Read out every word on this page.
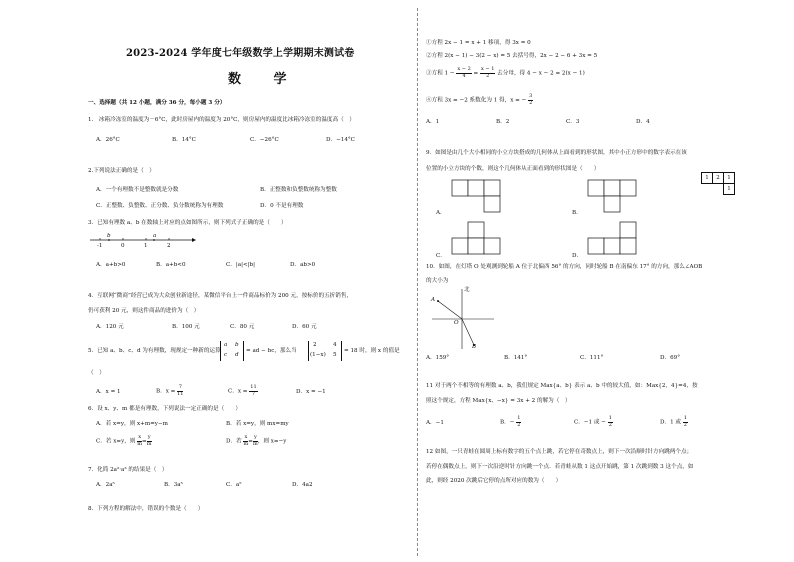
2023-2024 学年度七年级数学上学期期末测试卷
数 学
一、选择题（共 12 小题，满分 36 分，每小题 3 分）
1.　冰箱冷冻室的温度为－6°C，此时房屋内的温度为 20°C，则房屋内的温度比冰箱冷冻室的温度高（　）
A．26°C	B．14°C	C．−26°C	D．−14°C
2.下列说法正确的是（　）
A．一个有理数不是整数就是分数	B．正整数和负整数统称为整数
C．正整数、负整数、正分数、负分数统称为有理数	D．0 不是有理数
3．已知有理数 a、b 在数轴上对应的点如图所示，则下列式子正确的是（　　）
b	a
-1	0	1	2
A．a+b>0	B．a+b<0	C．|a|<|b|	D．ab>0
4．互联网“微商”经营已成为大众创业新途径，某微信平台上一件商品标价为 200 元，按标价的五折销售，
仍可获利 20 元，则这件商品的进价为（　）
A．120 元	B．100 元	C．80 元	D．60 元
5．已知 a、b、c、d 为有理数，现规定一种新的运算
a b
c d
= ad − bc，那么当
2	4
(1−x) 5
= 18 时，则 x 的值是
（　）
A．x = 1	B．$x = \frac{7}{11}$	C．$x = \frac{11}{7}$	D．x = −1
6．设 x、y、m 都是有理数，下列说法一定正确的是（　　）
A．若 x=y，则 x+m=y−m	B．若 x=y，则 mx=my
C．若 x=y，则 $\frac{x}{m} = \frac{y}{m}$	D．若 $\frac{x}{m} = \frac{y}{m}$ ，则 x=−y
7．化简 2a²·a³ 的结果是（　）
A．2a⁵	B．3a⁵	C．a⁵	D．4a2
8．下列方程的解法中，错误的个数是（　　）
①方程 2x − 1 = x + 1 移项，得 3x = 0
②方程 2(x − 1) − 3(2 − x) = 5 去括号得，2x − 2 − 6 + 3x = 5
③方程 $1 - \frac{x - 2}{4} = \frac{x - 1}{2}$ 去分母，得 4 − x − 2 = 2(x − 1)
④方程 3x = −2 系数化为 1 得，x = − $\frac{3}{2}$
A．1	B．2	C．3	D．4
9．如图是由几个大小相同的小立方块搭成的几何体从上面看到的形状图，其中小正方形中的数字表示在该
位置的小立方块的个数，则这个几何体从正面看到的形状图是（　　）
1	2	1
		1
A．	B．
C．	D．
10．如图，在灯塔 O 处观测到轮船 A 位于北偏西 56° 的方向，同时轮船 B 在南偏东 17° 的方向，那么∠AOB
的大小为
北
A
O
B
A．159°	B．141°	C．111°	D．69°
11 对于两个不相等的有理数 a、b，我们规定 Max{a、b} 表示 a、b 中的较大值，如：Max{2，4}=4，按
照这个规定，方程 Max{x、−x} = 3x + 2 的解为（　）
A．−1	B．− $\frac{1}{2}$	C．−1 或 − $\frac{1}{2}$	D．1 或 $\frac{1}{2}$
12 如图，一只青蛙在圆周上标有数字的五个点上跳，若它停在奇数点上，则下一次沿顺时针方向跳两个点；
若停在偶数点上，则下一次沿逆时针方向跳一个点．若青蛙从数 1 这点开始跳，第 1 次跳到数 3 这个点，如
此，则经 2020 次跳后它停的点所对应的数为（　　）
